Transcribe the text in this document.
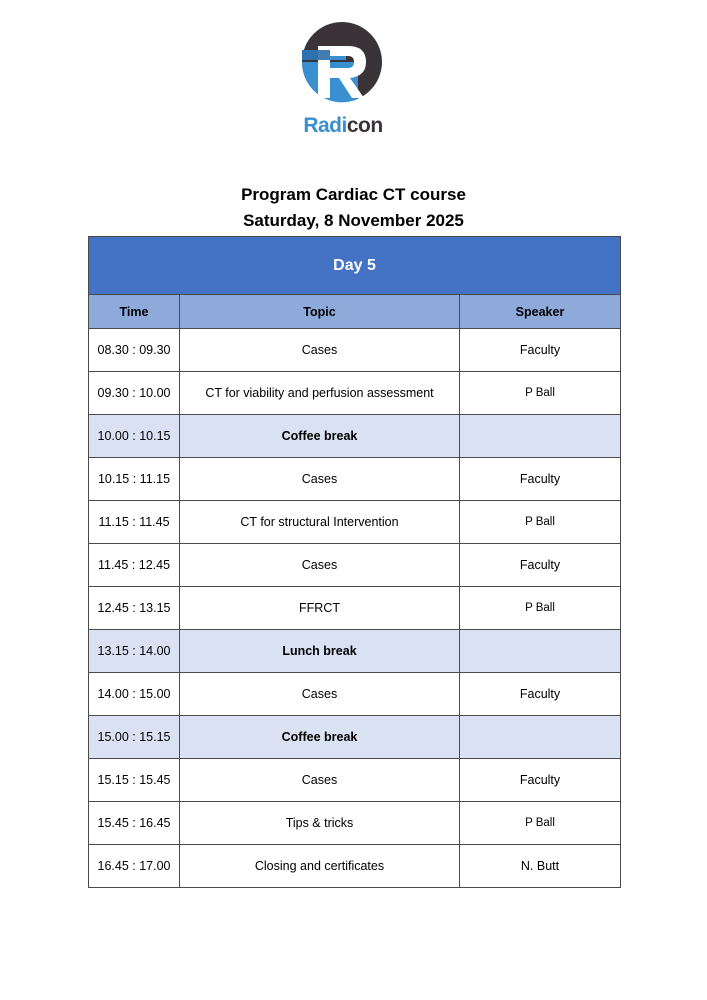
Radicon
Program Cardiac CT course
Saturday, 8 November 2025
Day 5		
Time	Topic	Speaker
08.30 : 09.30	Cases	Faculty
09.30 : 10.00	CT for viability and perfusion assessment	P Ball
10.00 : 10.15	Coffee break	
10.15 : 11.15	Cases	Faculty
11.15 : 11.45	CT for structural Intervention	P Ball
11.45 : 12.45	Cases	Faculty
12.45 : 13.15	FFRCT	P Ball
13.15 : 14.00	Lunch break	
14.00 : 15.00	Cases	Faculty
15.00 : 15.15	Coffee break	
15.15 : 15.45	Cases	Faculty
15.45 : 16.45	Tips & tricks	P Ball
16.45 : 17.00	Closing and certificates	N. Butt
